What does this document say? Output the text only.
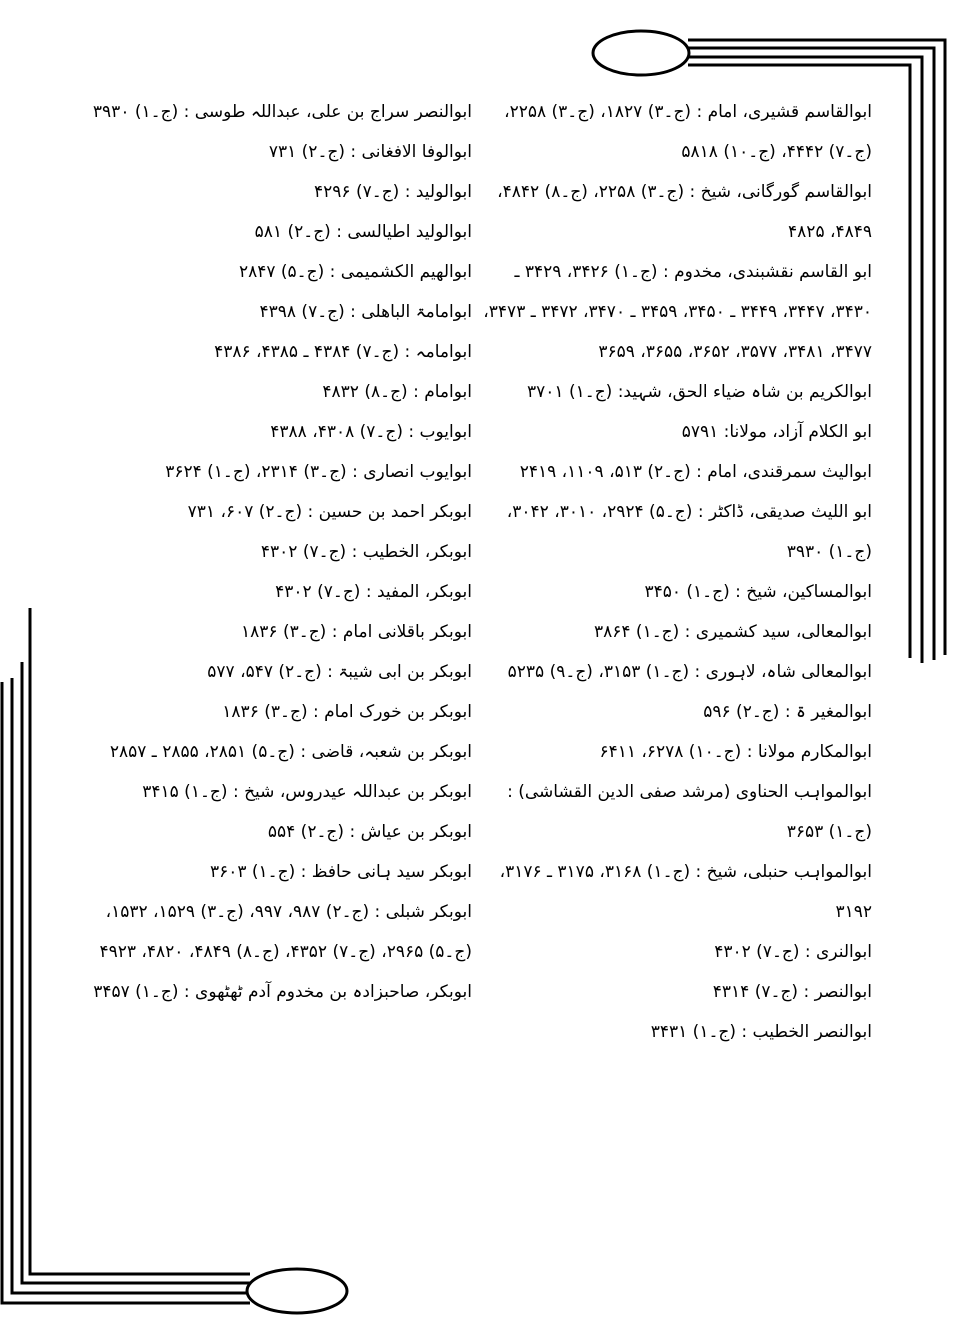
ابوالقاسم قشیری، امام : (ج۔۳) ۱۸۲۷، (ج۔۳) ۲۲۵۸، (ج۔۷) ۴۴۴۲، (ج۔۱۰) ۵۸۱۸
ابوالقاسم گورگانی، شیخ : (ج۔۳) ۲۲۵۸، (ج۔۸) ۴۸۴۲، ۴۸۴۹، ۴۸۲۵
ابو القاسم نقشبندی، مخدوم : (ج۔۱) ۳۴۲۶، ۳۴۲۹ ـ ۳۴۳۰، ۳۴۴۷، ۳۴۴۹ ـ ۳۴۵۰، ۳۴۵۹ ـ ۳۴۷۰، ۳۴۷۲ ـ ۳۴۷۳، ۳۴۷۷، ۳۴۸۱، ۳۵۷۷، ۳۶۵۲، ۳۶۵۵، ۳۶۵۹
ابوالکریم بن شاہ ضیاء الحق، شہید: (ج۔۱) ۳۷۰۱
ابو الکلام آزاد، مولانا: ۵۷۹۱
ابوالیث سمرقندی، امام : (ج۔۲) ۵۱۳، ۱۱۰۹، ۲۴۱۹
ابو اللیث صدیقی، ڈاکٹر : (ج۔۵) ۲۹۲۴، ۳۰۱۰، ۳۰۴۲، (ج۔۱) ۳۹۳۰
ابوالمساکین، شیخ : (ج۔۱) ۳۴۵۰
ابوالمعالی، سید کشمیری : (ج۔۱) ۳۸۶۴
ابوالمعالی شاہ، لاہوری : (ج۔۱) ۳۱۵۳، (ج۔۹) ۵۲۳۵
ابوالمغیر ۃ : (ج۔۲) ۵۹۶
ابوالمکارم مولانا : (ج۔۱۰) ۶۲۷۸، ۶۴۱۱
ابوالمواہب الحناوی (مرشد صفی الدین القشاشی) : (ج۔۱) ۳۶۵۳
ابوالمواہب حنبلی، شیخ : (ج۔۱) ۳۱۶۸، ۳۱۷۵ ـ ۳۱۷۶، ۳۱۹۲
ابوالنری : (ج۔۷) ۴۳۰۲
ابوالنصر : (ج۔۷) ۴۳۱۴
ابوالنصر الخطیب : (ج۔۱) ۳۴۳۱
ابوالنصر سراج بن علی، عبداللہ طوسی : (ج۔۱) ۳۹۳۰
ابوالوفا الافغانی : (ج۔۲) ۷۳۱
ابوالولید : (ج۔۷) ۴۲۹۶
ابوالولید اطیالسی : (ج۔۲) ۵۸۱
ابوالھیم الکشمیمی : (ج۔۵) ۲۸۴۷
ابوامامۃ الباھلی : (ج۔۷) ۴۳۹۸
ابوامامہ : (ج۔۷) ۴۳۸۴ ـ ۴۳۸۵، ۴۳۸۶
ابوامام : (ج۔۸) ۴۸۳۲
ابوایوب : (ج۔۷) ۴۳۰۸، ۴۳۸۸
ابوایوب انصاری : (ج۔۳) ۲۳۱۴، (ج۔۱) ۳۶۲۴
ابوبکر احمد بن حسین : (ج۔۲) ۶۰۷، ۷۳۱
ابوبکر، الخطیب : (ج۔۷) ۴۳۰۲
ابوبکر، المفید : (ج۔۷) ۴۳۰۲
ابوبکر باقلانی امام : (ج۔۳) ۱۸۳۶
ابوبکر بن ابی شیبۃ : (ج۔۲) ۵۴۷، ۵۷۷
ابوبکر بن خورک امام : (ج۔۳) ۱۸۳۶
ابوبکر بن شعبہ، قاضی : (ج۔۵) ۲۸۵۱، ۲۸۵۵ ـ ۲۸۵۷
ابوبکر بن عبداللہ عیدروس، شیخ : (ج۔۱) ۳۴۱۵
ابوبکر بن عیاش : (ج۔۲) ۵۵۴
ابوبکر سید ہانی حافظ : (ج۔۱) ۳۶۰۳
ابوبکر شبلی : (ج۔۲) ۹۸۷، ۹۹۷، (ج۔۳) ۱۵۲۹، ۱۵۳۲، (ج۔۵) ۲۹۶۵، (ج۔۷) ۴۳۵۲، (ج۔۸) ۴۸۴۹، ۴۸۲۰، ۴۹۲۳
ابوبکر، صاحبزادہ بن مخدوم آدم ٹھٹھوی : (ج۔۱) ۳۴۵۷
